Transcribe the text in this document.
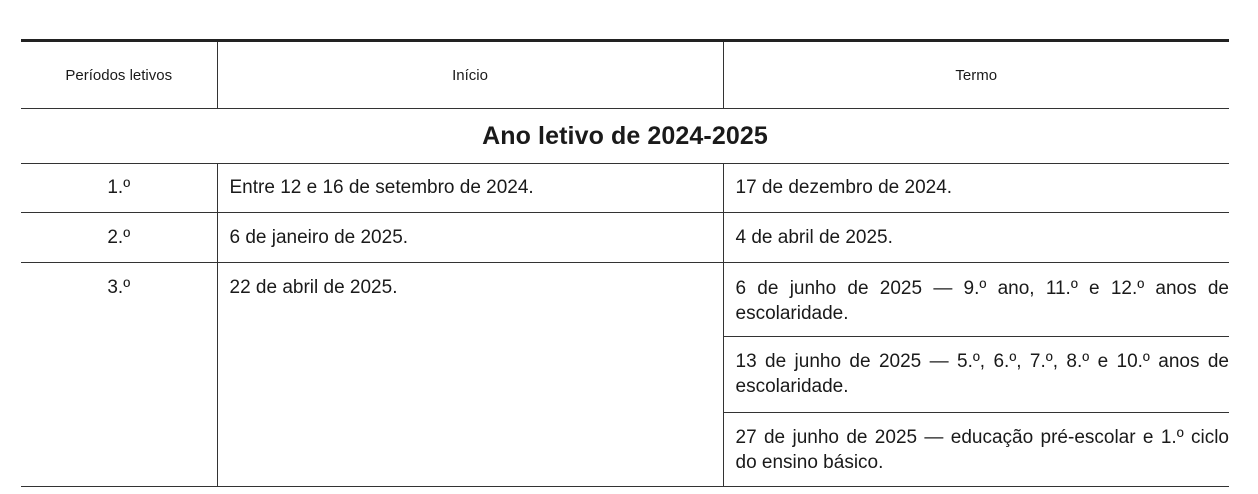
Períodos letivos	Início	Termo
Ano letivo de 2024-2025		
1.º	Entre 12 e 16 de setembro de 2024.	17 de dezembro de 2024.
2.º	6 de janeiro de 2025.	4 de abril de 2025.
3.º	22 de abril de 2025.	6 de junho de 2025 — 9.º ano, 11.º e 12.º anos de escolaridade.
13 de junho de 2025 — 5.º, 6.º, 7.º, 8.º e 10.º anos de escolaridade.
27 de junho de 2025 — educação pré-escolar e 1.º ciclo do ensino básico.
